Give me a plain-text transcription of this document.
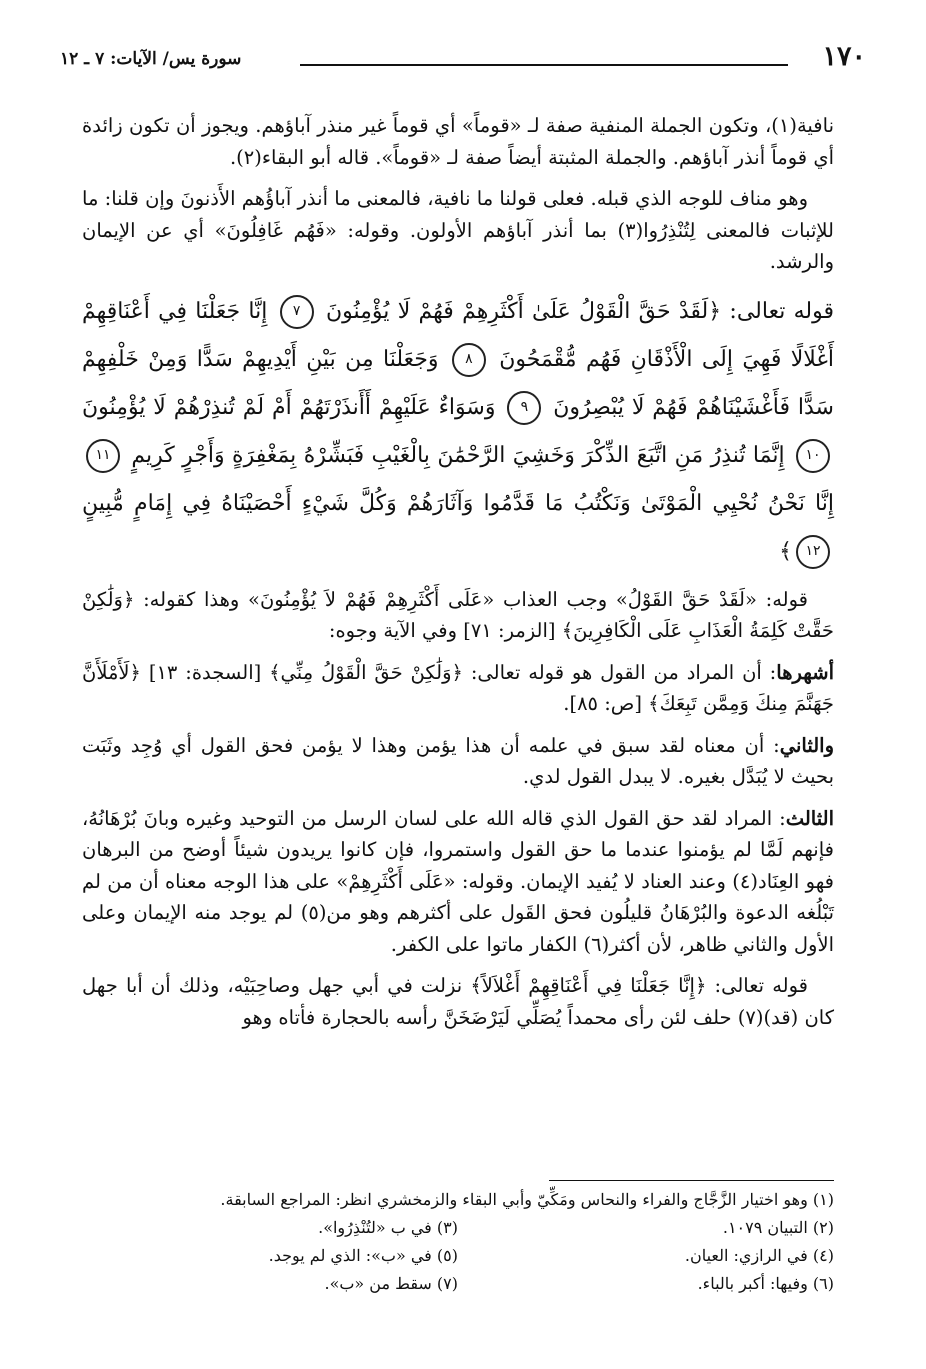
١٧٠
سورة يس/ الآيات: ٧ ـ ١٢

نافية(١)، وتكون الجملة المنفية صفة لـ «قوماً» أي قوماً غير منذر آباؤهم. ويجوز أن تكون زائدة أي قوماً أنذر آباؤهم. والجملة المثبتة أيضاً صفة لـ «قوماً». قاله أبو البقاء(٢).

وهو مناف للوجه الذي قبله. فعلى قولنا ما نافية، فالمعنى ما أنذر آباؤُهم الأَذنونَ وإن قلنا: ما للإثبات فالمعنى لِتُنْذِرُوا(٣) بما أنذر آباؤهم الأولون. وقوله: «فَهُم غَافِلُونَ» أي عن الإيمان والرشد.

قوله تعالى: ﴿لَقَدْ حَقَّ الْقَوْلُ عَلَىٰ أَكْثَرِهِمْ فَهُمْ لَا يُؤْمِنُونَ ٧ إِنَّا جَعَلْنَا فِي أَعْنَاقِهِمْ أَغْلَالًا فَهِيَ إِلَى الْأَذْقَانِ فَهُم مُّقْمَحُونَ ٨ وَجَعَلْنَا مِن بَيْنِ أَيْدِيهِمْ سَدًّا وَمِنْ خَلْفِهِمْ سَدًّا فَأَغْشَيْنَاهُمْ فَهُمْ لَا يُبْصِرُونَ ٩ وَسَوَاءٌ عَلَيْهِمْ أَأَنذَرْتَهُمْ أَمْ لَمْ تُنذِرْهُمْ لَا يُؤْمِنُونَ ١٠ إِنَّمَا تُنذِرُ مَنِ اتَّبَعَ الذِّكْرَ وَخَشِيَ الرَّحْمَٰنَ بِالْغَيْبِ فَبَشِّرْهُ بِمَغْفِرَةٍ وَأَجْرٍ كَرِيمٍ ١١ إِنَّا نَحْنُ نُحْيِي الْمَوْتَىٰ وَنَكْتُبُ مَا قَدَّمُوا وَآثَارَهُمْ وَكُلَّ شَيْءٍ أَحْصَيْنَاهُ فِي إِمَامٍ مُّبِينٍ ١٢﴾

قوله: «لَقَدْ حَقَّ القَوْلُ» وجب العذاب «عَلَى أَكْثَرِهِمْ فَهُمْ لاَ يُؤْمِنُونَ» وهذا كقوله: ﴿وَلَٰكِنْ حَقَّتْ كَلِمَةُ الْعَذَابِ عَلَى الْكَافِرِينَ﴾ [الزمر: ٧١] وفي الآية وجوه:

أشهرها: أن المراد من القول هو قوله تعالى: ﴿وَلَٰكِنْ حَقَّ الْقَوْلُ مِنِّي﴾ [السجدة: ١٣] ﴿لَأَمْلَأَنَّ جَهَنَّمَ مِنكَ وَمِمَّن تَبِعَكَ﴾ [ص: ٨٥].

والثاني: أن معناه لقد سبق في علمه أن هذا يؤمن وهذا لا يؤمن فحق القول أي وُجِد وثَبَت بحيث لا يُبَدَّل بغيره. لا يبدل القول لدي.

الثالث: المراد لقد حق القول الذي قاله الله على لسان الرسل من التوحيد وغيره وبانَ بُرْهَانُهُ، فإنهم لَمَّا لم يؤمنوا عندما ما حق القول واستمروا، فإن كانوا يريدون شيئاً أوضح من البرهان فهو العِنَاد(٤) وعند العناد لا يُفيد الإيمان. وقوله: «عَلَى أَكْثَرِهِمْ» على هذا الوجه معناه أن من لم تَبْلُغه الدعوة والبُرْهَانُ قليلُون فحق القَول على أكثرهم وهو من(٥) لم يوجد منه الإيمان وعلى الأول والثاني ظاهر، لأن أكثر(٦) الكفار ماتوا على الكفر.

قوله تعالى: ﴿إِنَّا جَعَلْنَا فِي أَعْنَاقِهِمْ أَغْلاَلاً﴾ نزلت في أبي جهل وصاحِبَيْه، وذلك أن أبا جهل كان (قد)(٧) حلف لئن رأى محمداً يُصَلِّي لَيَرْضَخَنَّ رأسه بالحجارة فأتاه وهو

(١) وهو اختيار الزَّجَّاج والفراء والنحاس ومَكِّيّ وأبي البقاء والزمخشري انظر: المراجع السابقة.
(٢) التبيان ١٠٧٩.
(٣) في ب «لتُنْذِرُوا».
(٤) في الرازي: العيان.
(٥) في «ب»: الذي لم يوجد.
(٦) وفيها: أكبر بالباء.
(٧) سقط من «ب».
